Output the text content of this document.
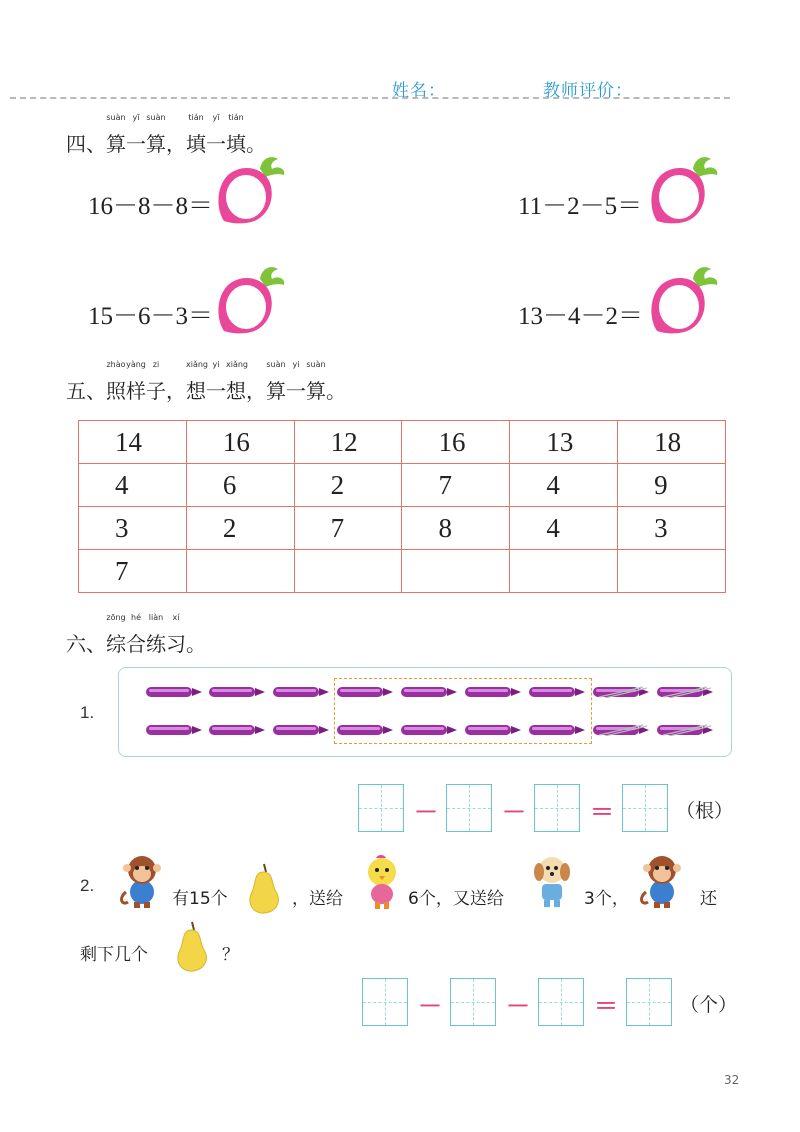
姓名：	教师评价：
四、算
suàn
一
yī
算
suàn
，填
tián
一
yī
填
tián
。
16－8－8＝	11－2－5＝
15－6－3＝	13－4－2＝
五、照
zhào
样
yàng
子
zi
，想
xiǎng
一
yi
想
xiǎng
，算
suàn
一
yi
算
suàn
。
14	16	12	16	13	18
4	6	2	7	4	9
3	2	7	8	4	3
7					
六、综
zōng
合
hé
练
liàn
习
xí
。
1.
－	－	＝	（根）
2.
有15个	，送给	6个，又送给	3个，	还
剩下几个	？
－	－	＝	（个）
32
